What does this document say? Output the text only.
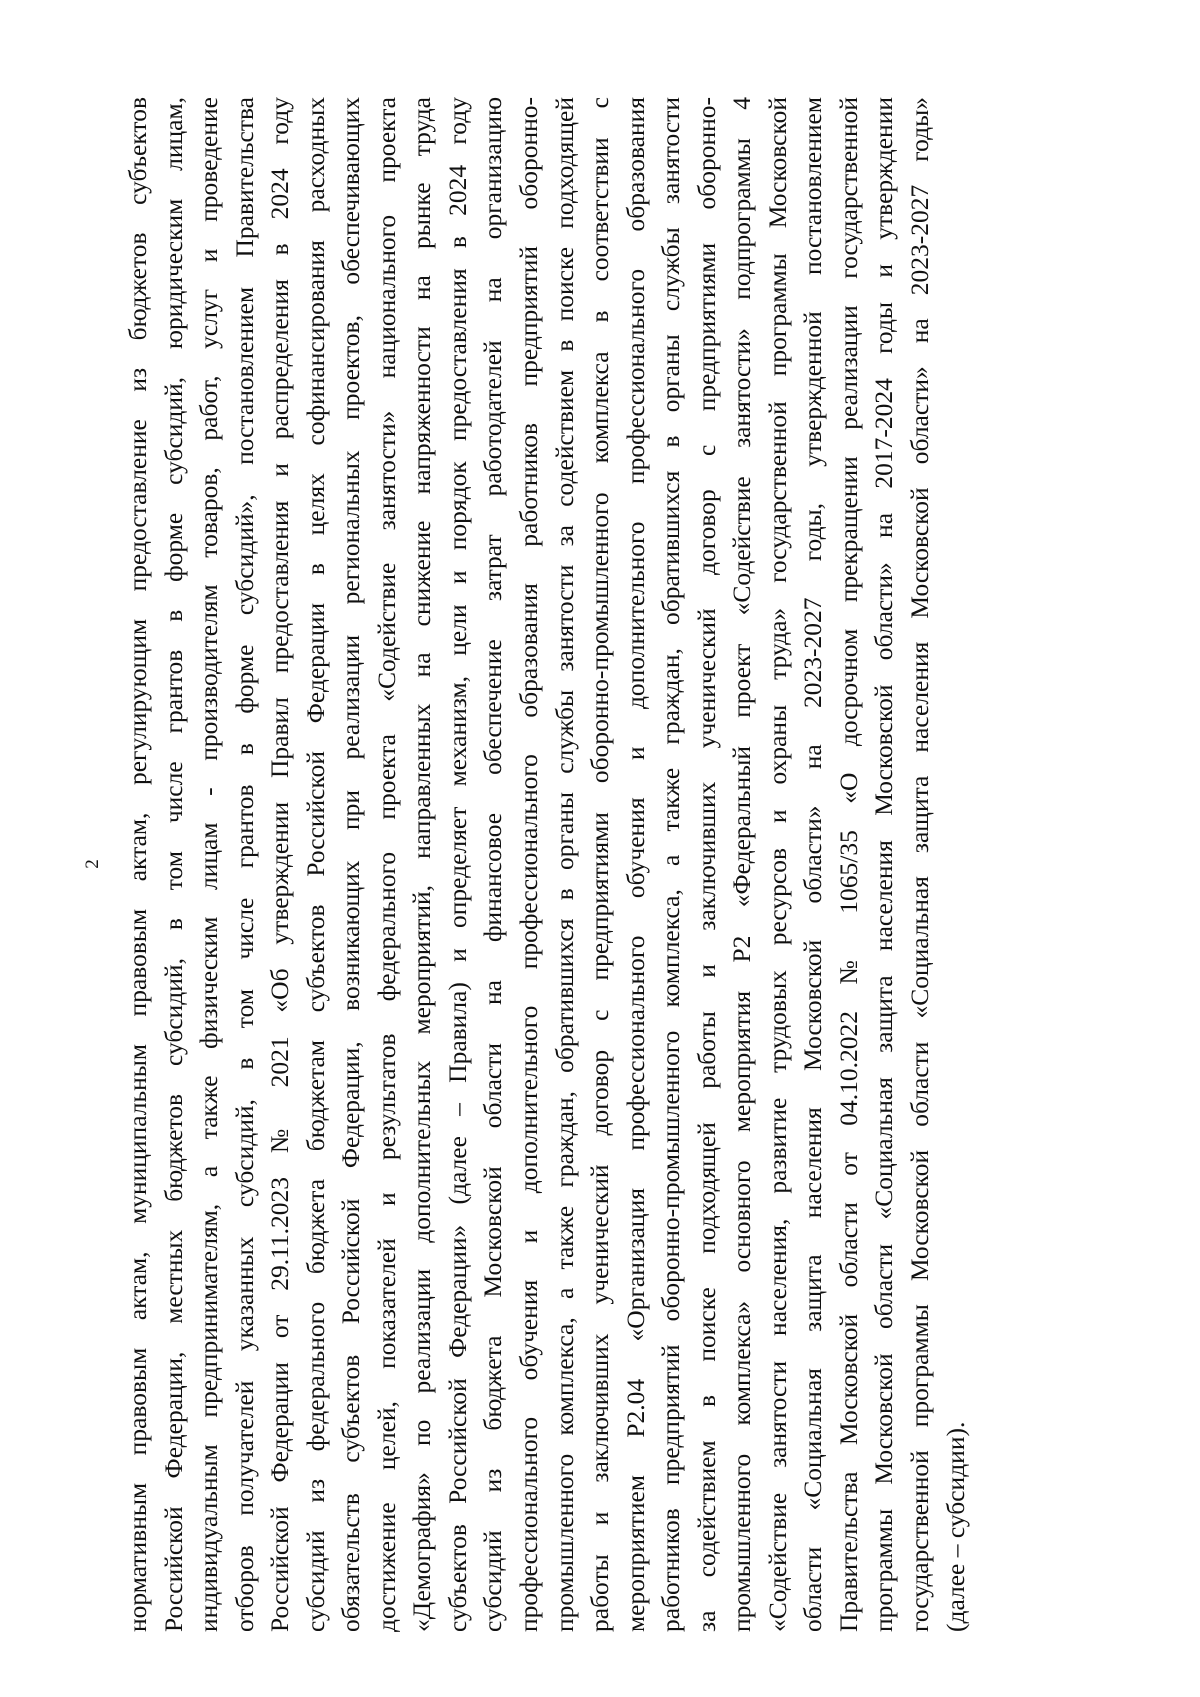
2 нормативным правовым актам, муниципальным правовым актам, регулирующим предоставление из бюджетов субъектов Российской Федерации, местных бюджетов субсидий, в том числе грантов в форме субсидий, юридическим лицам, индивидуальным предпринимателям, а также физическим лицам - производителям товаров, работ, услуг и проведение отборов получателей указанных субсидий, в том числе грантов в форме субсидий», постановлением Правительства Российской Федерации от 29.11.2023 № 2021 «Об утверждении Правил предоставления и распределения в 2024 году субсидий из федерального бюджета бюджетам субъектов Российской Федерации в целях софинансирования расходных обязательств субъектов Российской Федерации, возникающих при реализации региональных проектов, обеспечивающих достижение целей, показателей и результатов федерального проекта «Содействие занятости» национального проекта «Демография» по реализации дополнительных мероприятий, направленных на снижение напряженности на рынке труда субъектов Российской Федерации» (далее – Правила) и определяет механизм, цели и порядок предоставления в 2024 году субсидий из бюджета Московской области на финансовое обеспечение затрат работодателей на организацию профессионального обучения и дополнительного профессионального образования работников предприятий оборонно- промышленного комплекса, а также граждан, обратившихся в органы службы занятости за содействием в поиске подходящей работы и заключивших ученический договор с предприятиями оборонно-промышленного комплекса в соответствии с мероприятием Р2.04 «Организация профессионального обучения и дополнительного профессионального образования работников предприятий оборонно-промышленного комплекса, а также граждан, обратившихся в органы службы занятости за содействием в поиске подходящей работы и заключивших ученический договор с предприятиями оборонно- промышленного комплекса» основного мероприятия Р2 «Федеральный проект «Содействие занятости» подпрограммы 4 «Содействие занятости населения, развитие трудовых ресурсов и охраны труда» государственной программы Московской области «Социальная защита населения Московской области» на 2023-2027 годы, утвержденной постановлением Правительства Московской области от 04.10.2022 № 1065/35 «О досрочном прекращении реализации государственной программы Московской области «Социальная защита населения Московской области» на 2017-2024 годы и утверждении государственной программы Московской области «Социальная защита населения Московской области» на 2023-2027 годы» (далее – субсидии).
